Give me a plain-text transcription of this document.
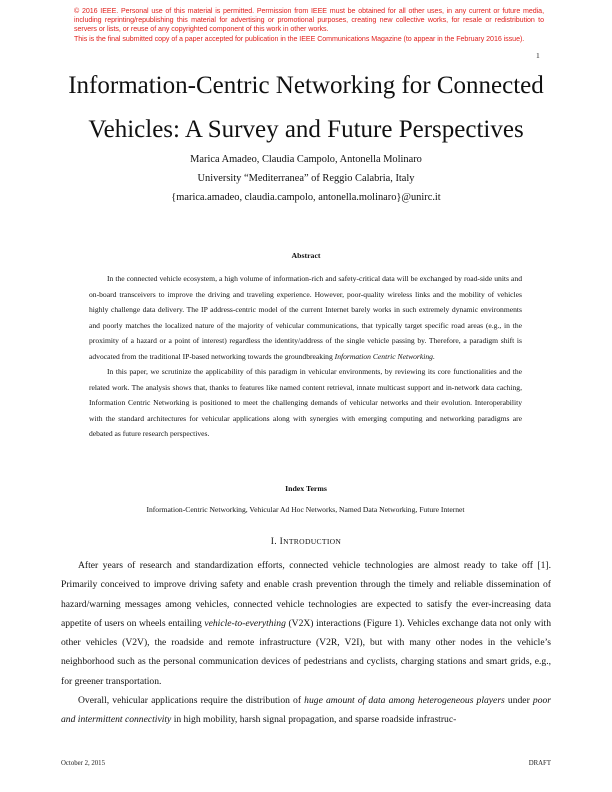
© 2016 IEEE. Personal use of this material is permitted. Permission from IEEE must be obtained for all other uses, in any current or future media, including reprinting/republishing this material for advertising or promotional purposes, creating new collective works, for resale or redistribution to servers or lists, or reuse of any copyrighted component of this work in other works.

This is the final submitted copy of a paper accepted for publication in the IEEE Communications Magazine (to appear in the February 2016 issue).

1
Information-Centric Networking for Connected
Vehicles: A Survey and Future Perspectives
Marica Amadeo, Claudia Campolo, Antonella Molinaro
University “Mediterranea” of Reggio Calabria, Italy
{marica.amadeo, claudia.campolo, antonella.molinaro}@unirc.it
Abstract

In the connected vehicle ecosystem, a high volume of information-rich and safety-critical data will be exchanged by road-side units and on-board transceivers to improve the driving and traveling experience. However, poor-quality wireless links and the mobility of vehicles highly challenge data delivery. The IP address-centric model of the current Internet barely works in such extremely dynamic environments and poorly matches the localized nature of the majority of vehicular communications, that typically target specific road areas (e.g., in the proximity of a hazard or a point of interest) regardless the identity/address of the single vehicle passing by. Therefore, a paradigm shift is advocated from the traditional IP-based networking towards the groundbreaking Information Centric Networking.

In this paper, we scrutinize the applicability of this paradigm in vehicular environments, by reviewing its core functionalities and the related work. The analysis shows that, thanks to features like named content retrieval, innate multicast support and in-network data caching, Information Centric Networking is positioned to meet the challenging demands of vehicular networks and their evolution. Interoperability with the standard architectures for vehicular applications along with synergies with emerging computing and networking paradigms are debated as future research perspectives.

Index Terms
Information-Centric Networking, Vehicular Ad Hoc Networks, Named Data Networking, Future Internet
I. INTRODUCTION

After years of research and standardization efforts, connected vehicle technologies are almost ready to take off [1]. Primarily conceived to improve driving safety and enable crash prevention through the timely and reliable dissemination of hazard/warning messages among vehicles, connected vehicle technologies are expected to satisfy the ever-increasing data appetite of users on wheels entailing vehicle-to-everything (V2X) interactions (Figure 1). Vehicles exchange data not only with other vehicles (V2V), the roadside and remote infrastructure (V2R, V2I), but with many other nodes in the vehicle’s neighborhood such as the personal communication devices of pedestrians and cyclists, charging stations and smart grids, e.g., for greener transportation.

Overall, vehicular applications require the distribution of huge amount of data among heterogeneous players under poor and intermittent connectivity in high mobility, harsh signal propagation, and sparse roadside infrastruc-

October 2, 2015	DRAFT
